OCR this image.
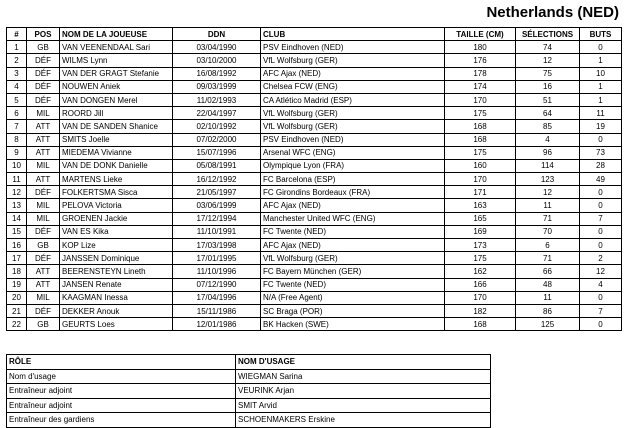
Netherlands (NED)
#	POS	NOM DE LA JOUEUSE	DDN	CLUB	TAILLE (CM)	SÉLECTIONS	BUTS
1	GB	VAN VEENENDAAL Sari	03/04/1990	PSV Eindhoven (NED)	180	74	0
2	DÉF	WILMS Lynn	03/10/2000	VfL Wolfsburg (GER)	176	12	1
3	DÉF	VAN DER GRAGT Stefanie	16/08/1992	AFC Ajax (NED)	178	75	10
4	DÉF	NOUWEN Aniek	09/03/1999	Chelsea FCW (ENG)	174	16	1
5	DÉF	VAN DONGEN Merel	11/02/1993	CA Atlético Madrid (ESP)	170	51	1
6	MIL	ROORD Jill	22/04/1997	VfL Wolfsburg (GER)	175	64	11
7	ATT	VAN DE SANDEN Shanice	02/10/1992	VfL Wolfsburg (GER)	168	85	19
8	ATT	SMITS Joelle	07/02/2000	PSV Eindhoven (NED)	168	4	0
9	ATT	MIEDEMA Vivianne	15/07/1996	Arsenal WFC (ENG)	175	96	73
10	MIL	VAN DE DONK Danielle	05/08/1991	Olympique Lyon (FRA)	160	114	28
11	ATT	MARTENS Lieke	16/12/1992	FC Barcelona (ESP)	170	123	49
12	DÉF	FOLKERTSMA Sisca	21/05/1997	FC Girondins Bordeaux (FRA)	171	12	0
13	MIL	PELOVA Victoria	03/06/1999	AFC Ajax (NED)	163	11	0
14	MIL	GROENEN Jackie	17/12/1994	Manchester United WFC (ENG)	165	71	7
15	DÉF	VAN ES Kika	11/10/1991	FC Twente (NED)	169	70	0
16	GB	KOP Lize	17/03/1998	AFC Ajax (NED)	173	6	0
17	DÉF	JANSSEN Dominique	17/01/1995	VfL Wolfsburg (GER)	175	71	2
18	ATT	BEERENSTEYN Lineth	11/10/1996	FC Bayern München (GER)	162	66	12
19	ATT	JANSEN Renate	07/12/1990	FC Twente (NED)	166	48	4
20	MIL	KAAGMAN Inessa	17/04/1996	N/A (Free Agent)	170	11	0
21	DÉF	DEKKER Anouk	15/11/1986	SC Braga (POR)	182	86	7
22	GB	GEURTS Loes	12/01/1986	BK Hacken (SWE)	168	125	0
RÔLE	NOM D'USAGE
Nom d'usage	WIEGMAN Sarina
Entraîneur adjoint	VEURINK Arjan
Entraîneur adjoint	SMIT Arvid
Entraîneur des gardiens	SCHOENMAKERS Erskine
